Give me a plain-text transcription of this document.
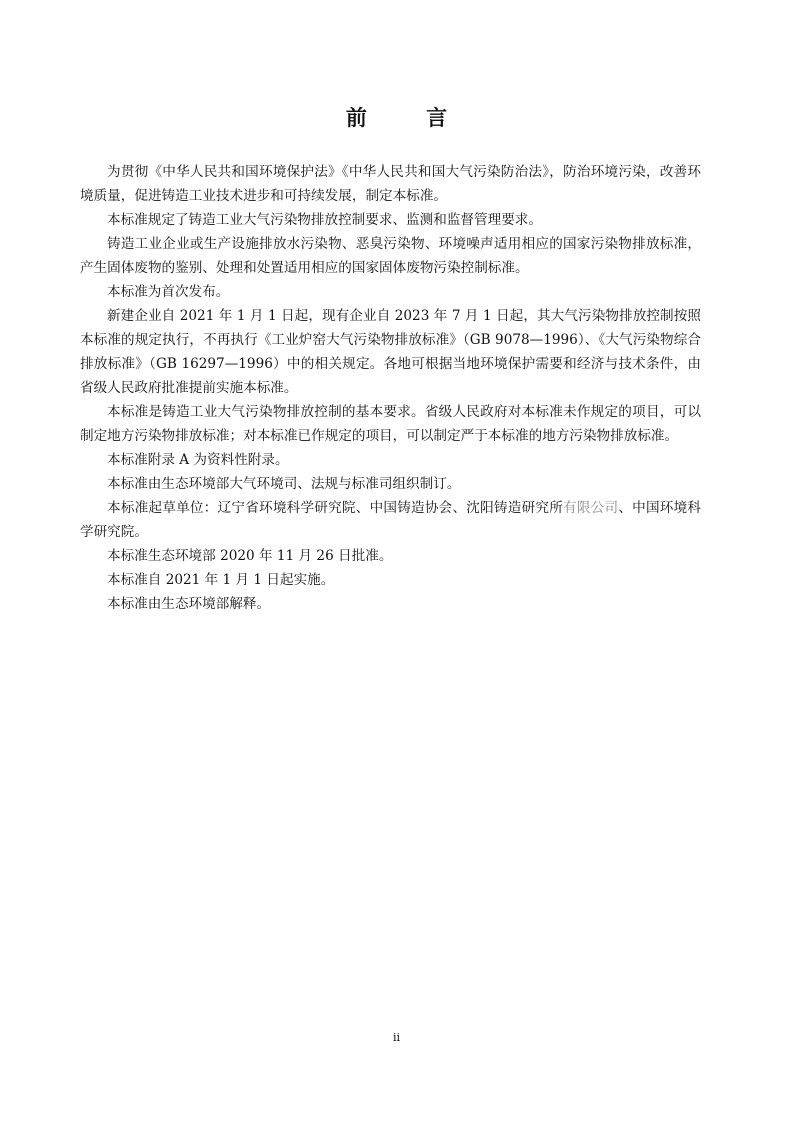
前 言

为贯彻《中华人民共和国环境保护法》《中华人民共和国大气污染防治法》，防治环境污染，改善环境质量，促进铸造工业技术进步和可持续发展，制定本标准。

本标准规定了铸造工业大气污染物排放控制要求、监测和监督管理要求。

铸造工业企业或生产设施排放水污染物、恶臭污染物、环境噪声适用相应的国家污染物排放标准，产生固体废物的鉴别、处理和处置适用相应的国家固体废物污染控制标准。

本标准为首次发布。

新建企业自 2021 年 1 月 1 日起，现有企业自 2023 年 7 月 1 日起，其大气污染物排放控制按照本标准的规定执行，不再执行《工业炉窑大气污染物排放标准》（GB 9078—1996）、《大气污染物综合排放标准》（GB 16297—1996）中的相关规定。各地可根据当地环境保护需要和经济与技术条件，由省级人民政府批准提前实施本标准。

本标准是铸造工业大气污染物排放控制的基本要求。省级人民政府对本标准未作规定的项目，可以制定地方污染物排放标准；对本标准已作规定的项目，可以制定严于本标准的地方污染物排放标准。

本标准附录 A 为资料性附录。

本标准由生态环境部大气环境司、法规与标准司组织制订。

本标准起草单位：辽宁省环境科学研究院、中国铸造协会、沈阳铸造研究所有限公司、中国环境科学研究院。

本标准生态环境部 2020 年 11 月 26 日批准。

本标准自 2021 年 1 月 1 日起实施。

本标准由生态环境部解释。

ii
